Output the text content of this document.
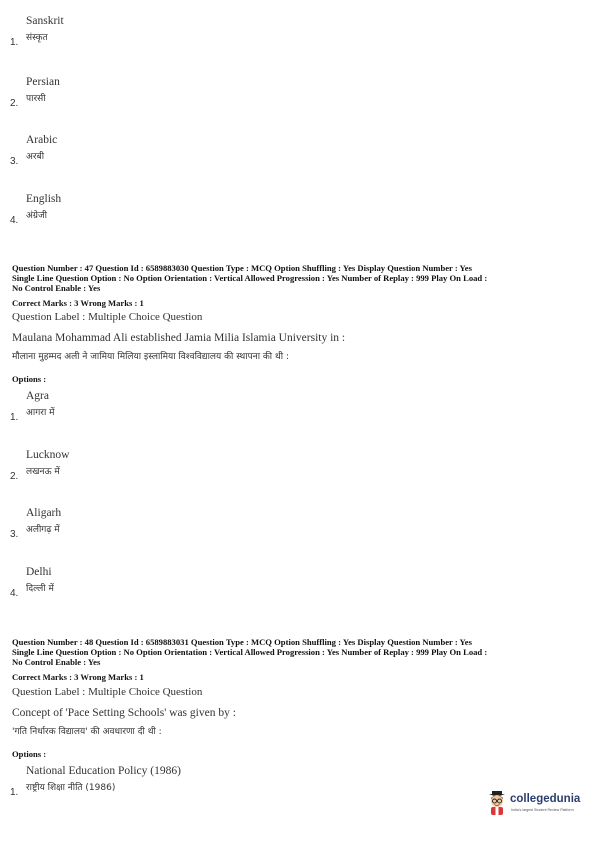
Sanskrit
संस्कृत
1.
Persian
पारसी
2.
Arabic
अरबी
3.
English
अंग्रेजी
4.
Question Number : 47 Question Id : 6589883030 Question Type : MCQ Option Shuffling : Yes Display Question Number : Yes
Single Line Question Option : No Option Orientation : Vertical Allowed Progression : Yes Number of Replay : 999 Play On Load :
No Control Enable : Yes
Correct Marks : 3 Wrong Marks : 1
Question Label : Multiple Choice Question
Maulana Mohammad Ali established Jamia Milia Islamia University in :
मौलाना मुहम्मद अली ने जामिया मिलिया इस्लामिया विश्वविद्यालय की स्थापना की थी :
Options :
Agra
आगरा में
1.
Lucknow
लखनऊ में
2.
Aligarh
अलीगढ़ में
3.
Delhi
दिल्ली में
4.
Question Number : 48 Question Id : 6589883031 Question Type : MCQ Option Shuffling : Yes Display Question Number : Yes
Single Line Question Option : No Option Orientation : Vertical Allowed Progression : Yes Number of Replay : 999 Play On Load :
No Control Enable : Yes
Correct Marks : 3 Wrong Marks : 1
Question Label : Multiple Choice Question
Concept of 'Pace Setting Schools' was given by :
'गति निर्धारक विद्यालय' की अवधारणा दी थी :
Options :
National Education Policy (1986)
राष्ट्रीय शिक्षा नीति (1986)
1.
collegedunia
India's largest Student Review Platform
